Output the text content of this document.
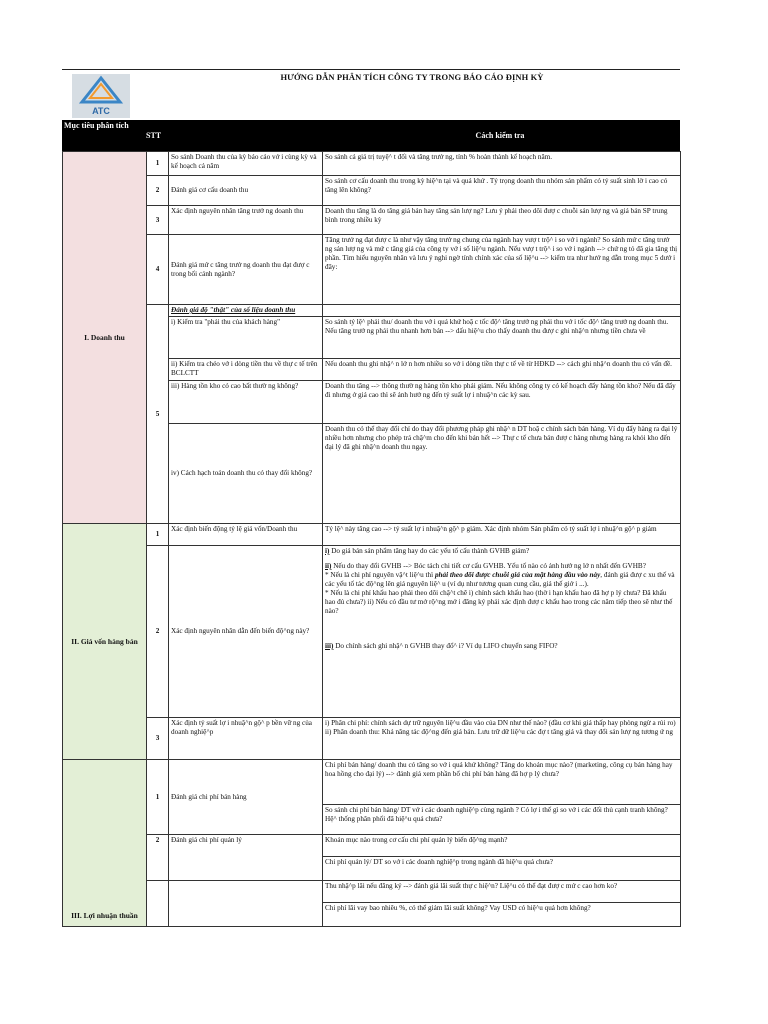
ATC
HƯỚNG DẪN PHÂN TÍCH CÔNG TY TRONG BÁO CÁO ĐỊNH KỲ
Mục tiêu phân tích
STT	Cách kiểm tra
I. Doanh thu	1	So sánh Doanh thu của kỳ báo cáo vớ i cùng kỳ và kế hoạch cả năm	So sánh cả giá trị tuyệ^ t đối và tăng trưở ng, tính % hoàn thành kế hoạch năm.
	2	Đánh giá cơ cấu doanh thu	So sánh cơ cấu doanh thu trong kỳ hiệ^n tại và quá khứ . Tỷ trọng doanh thu nhóm sản phẩm có tỷ suất sinh lờ i cao có tăng lên không?
	3	Xác định nguyên nhân tăng trưở ng doanh thu	Doanh thu tăng là do tăng giá bán hay tăng sản lượ ng? Lưu ý phải theo dõi đượ c chuỗi sản lượ ng và giá bán SP trung bình trong nhiều kỳ
	4	Đánh giá mứ c tăng trưở ng doanh thu đạt đượ c trong bối cảnh ngành?	Tăng trưở ng đạt đượ c là như vậy tăng trưở ng chung của ngành hay vượ t trộ^ i so vớ i ngành? So sánh mứ c tăng trưở ng sản lượ ng và mứ c tăng giá của công ty vớ i số liệ^u ngành. Nếu vượ t trộ^ i so vớ i ngành --> chứ ng tỏ đã gia tăng thị phần. Tìm hiểu nguyên nhân và lưu ý nghi ngờ tính chính xác của số liệ^u --> kiểm tra như hướ ng dẫn trong mục 5 dướ i đây:
	5	Đánh giá độ "thật" của số liệu doanh thu	
		i) Kiểm tra "phải thu của khách hàng"	So sánh tỷ lệ^ phải thu/ doanh thu vớ i quá khứ hoặ c tốc độ^ tăng trưở ng phải thu vớ i tốc độ^ tăng trưở ng doanh thu. Nếu tăng trưở ng phải thu nhanh hơn bán --> dấu hiệ^u cho thấy doanh thu đượ c ghi nhậ^n nhưng tiền chưa về
		ii) Kiểm tra chéo vớ i dòng tiền thu về thự c tế trên BCLCTT	Nếu doanh thu ghi nhậ^ n lớ n hơn nhiều so vớ i dòng tiền thự c tế về từ HĐKD --> cách ghi nhậ^n doanh thu có vấn đề.
		iii) Hàng tồn kho có cao bất thườ ng không?	Doanh thu tăng --> thông thườ ng hàng tồn kho phải giảm. Nếu không công ty có kế hoạch đẩy hàng tồn kho? Nếu đã đẩy đi nhưng ở giá cao thì sẽ ảnh hưở ng đến tỷ suất lợ i nhuậ^n các kỳ sau.
		iv) Cách hạch toán doanh thu có thay đổi không?	Doanh thu có thể thay đổi chỉ do thay đổi phương pháp ghi nhậ^ n DT hoặ c chính sách bán hàng. Ví dụ đẩy hàng ra đại lý nhiều hơn nhưng cho phép trả chậ^m cho đến khi bán hết --> Thự c tế chưa bán đượ c hàng nhưng hàng ra khỏi kho đến đại lý đã ghi nhậ^n doanh thu ngay.
II. Giá vốn hàng bán	1	Xác định biến động tỷ lệ giá vốn/Doanh thu	Tỷ lệ^ này tăng cao --> tỷ suất lợ i nhuậ^n gộ^ p giảm. Xác định nhóm Sản phẩm có tỷ suất lợ i nhuậ^n gộ^ p giảm
	2	Xác định nguyên nhân dẫn đến biến độ^ng này?	i) Do giá bán sản phẩm tăng hay do các yếu tố cấu thành GVHB giảm?
ii) Nếu do thay đổi GVHB --> Bóc tách chi tiết cơ cấu GVHB. Yếu tố nào có ảnh hưở ng lớ n nhất đến GVHB?
* Nếu là chi phí nguyên vậ^t liệ^u thì phải theo dõi được chuỗi giá của mặt hàng đầu vào này, đánh giá đượ c xu thế và các yếu tố tác độ^ng lên giá nguyên liệ^ u (ví dụ như tương quan cung cầu, giá thế giớ i ...).
* Nếu là chi phí khấu hao phải theo dõi chặ^t chẽ i) chính sách khấu hao (thờ i hạn khấu hao đã hợ p lý chưa? Đã khấu hao đủ chưa?) ii) Nếu có đầu tư mở rộ^ng mớ i đăng ký phải xác định đượ c khấu hao trong các năm tiếp theo sẽ như thế nào?
iii) Do chính sách ghi nhậ^ n GVHB thay đổ^ i? Ví dụ LIFO chuyển sang FIFO?

	3	Xác định tỷ suất lợ i nhuậ^n gộ^ p bền vữ ng của doanh nghiệ^p	i) Phân chi phí: chính sách dự trữ nguyên liệ^u đầu vào của DN như thế nào? (đầu cơ khi giá thấp hay phòng ngừ a rủi ro)
ii) Phân doanh thu: Khả năng tác độ^ng đến giá bán. Lưu trữ dữ liệ^u các đợ t tăng giá và thay đổi sản lượ ng tương ứ ng

III. Lợi nhuận thuần	1	Đánh giá chi phí bán hàng	Chi phí bán hàng/ doanh thu có tăng so vớ i quá khứ không? Tăng do khoản mục nào? (marketing, công cụ bán hàng hay hoa hồng cho đại lý) --> đánh giá xem phần bổ chi phí bán hàng đã hợ p lý chưa?
			So sánh chi phí bán hàng/ DT vớ i các doanh nghiệ^p cùng ngành ? Có lợ i thế gì so vớ i các đối thủ cạnh tranh không? Hệ^ thống phân phối đã hiệ^u quả chưa?
	2	Đánh giá chi phí quản lý	Khoản mục nào trong cơ cấu chi phí quản lý biến độ^ng mạnh?
			Chi phí quản lý/ DT so vớ i các doanh nghiệ^p trong ngành đã hiệ^u quả chưa?
			Thu nhậ^p lãi nếu đăng ký --> đánh giá lãi suất thự c hiệ^n? Liệ^u có thể đạt đượ c mứ c cao hơn ko?
			Chi phí lãi vay bao nhiêu %, có thể giảm lãi suất không? Vay USD có hiệ^u quả hơn không?
